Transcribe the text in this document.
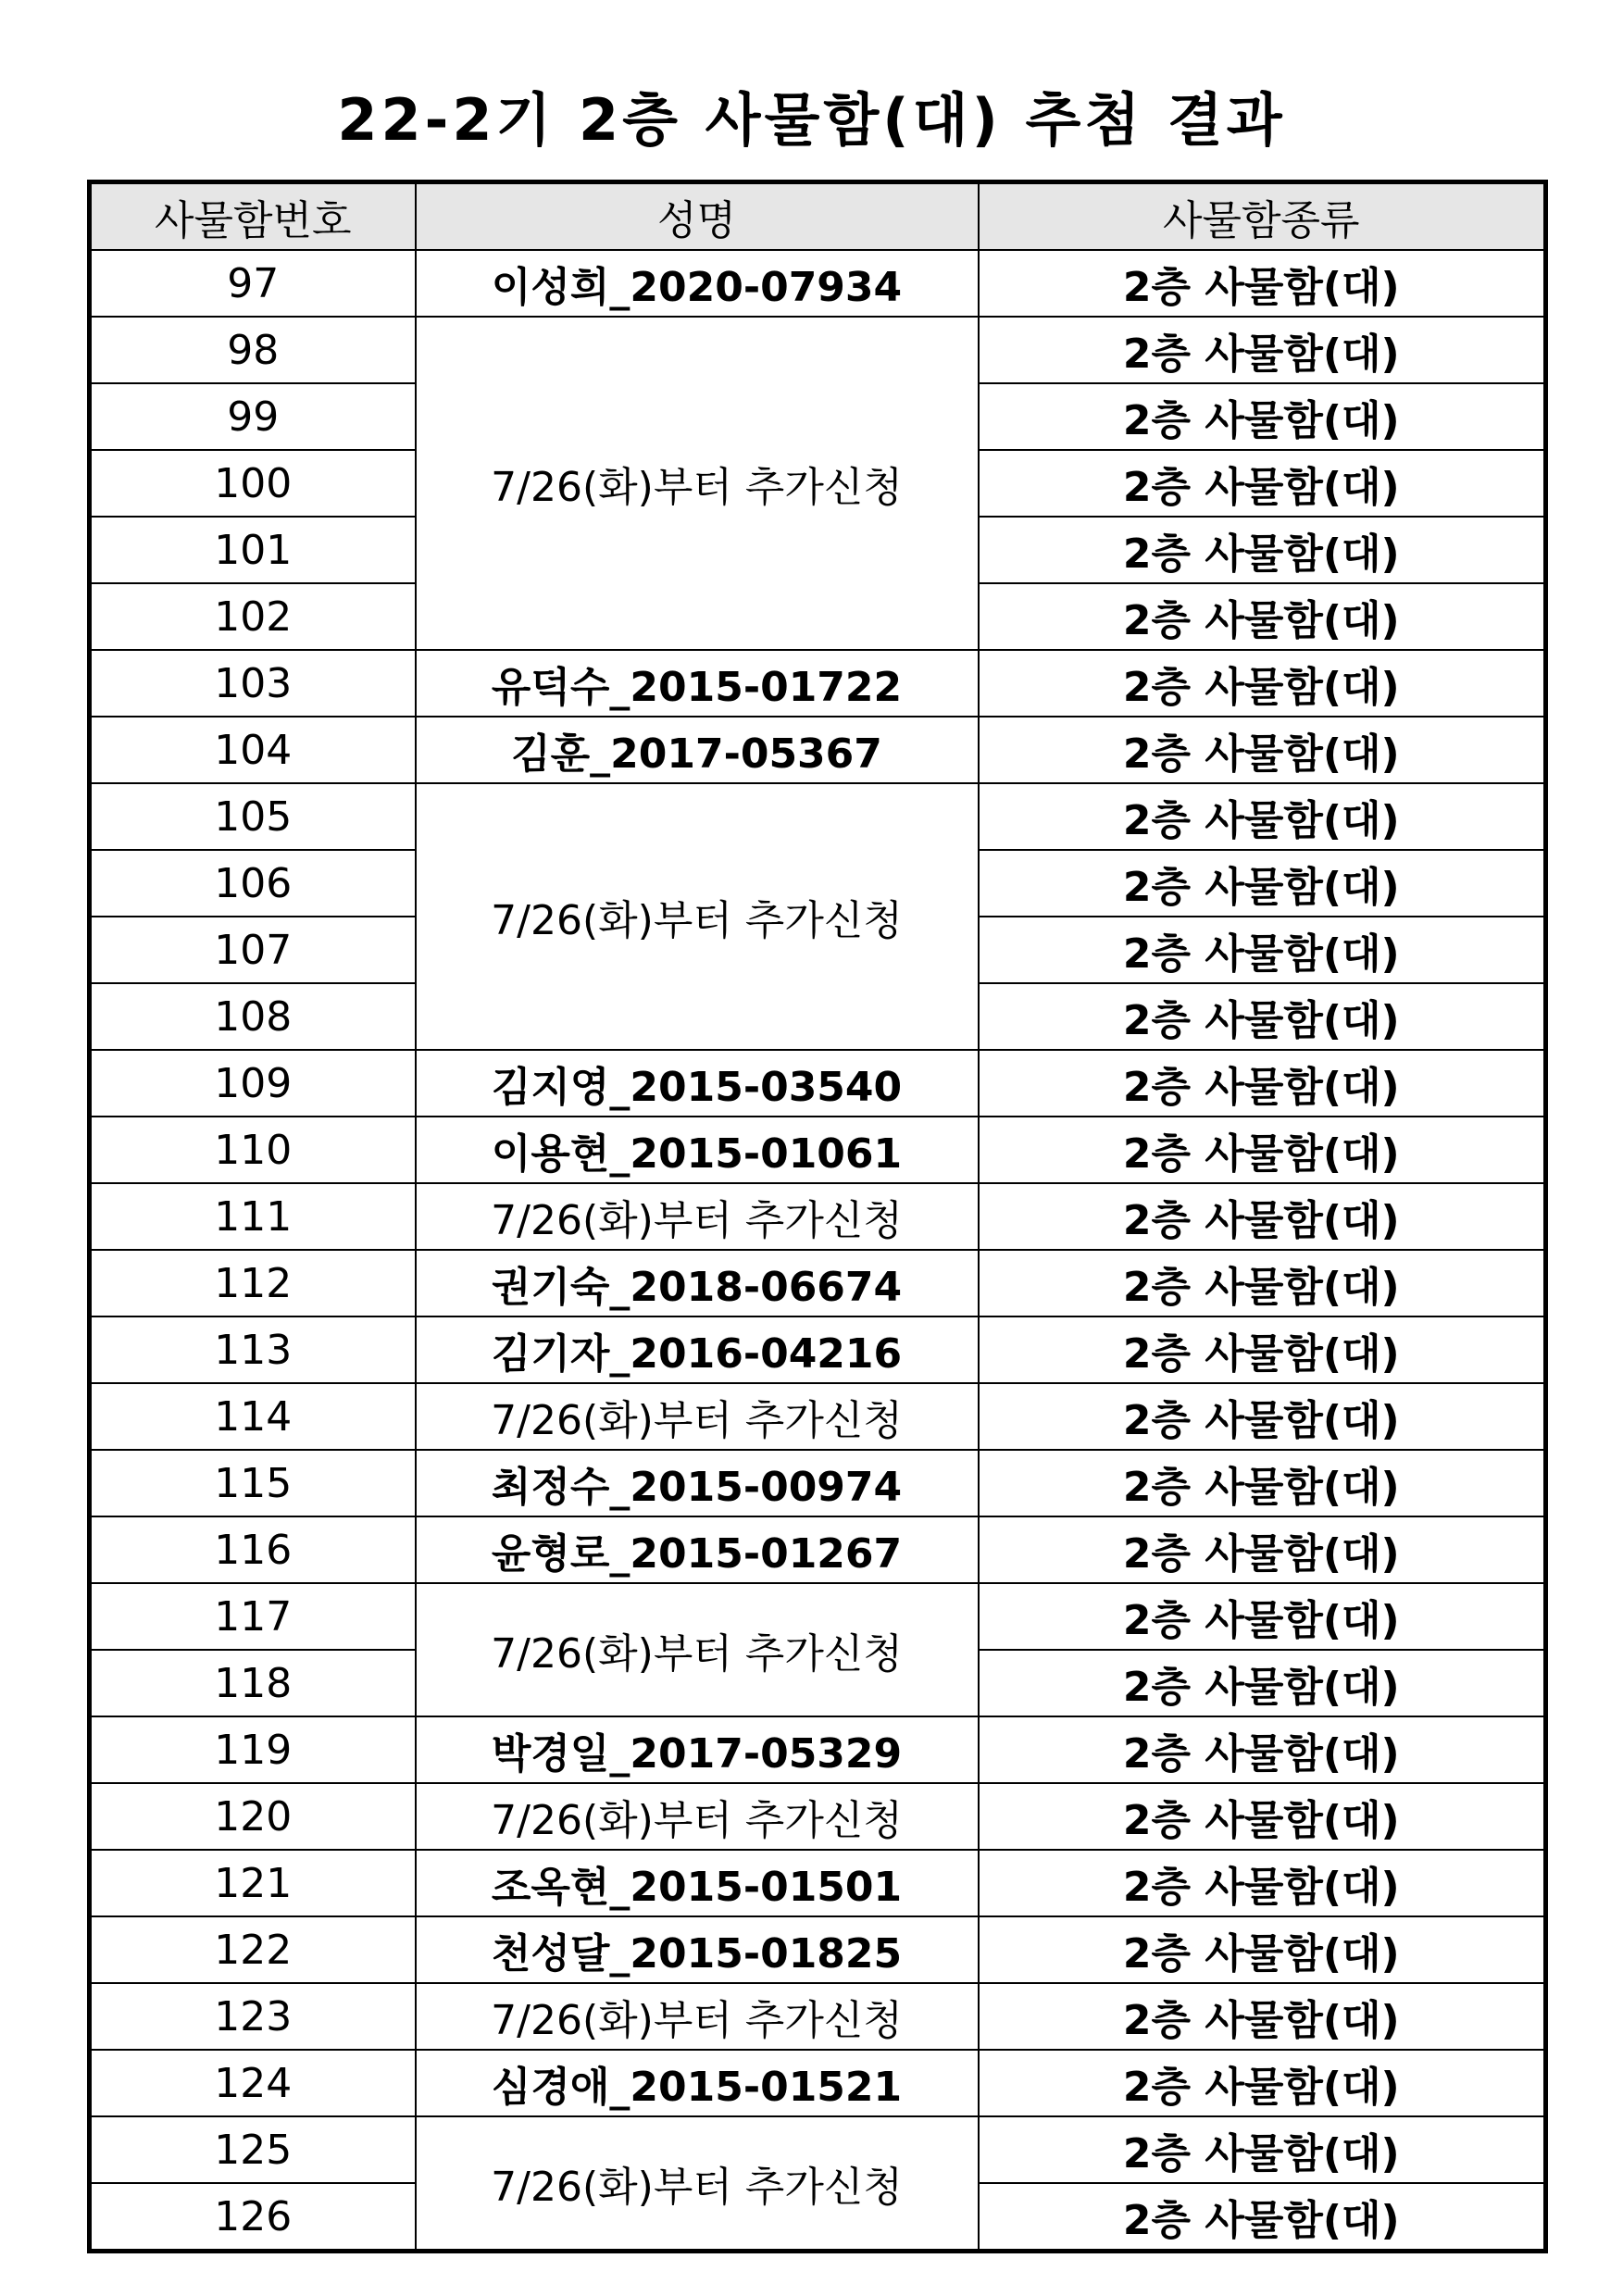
22-2기 2층 사물함(대) 추첨 결과
사물함번호	성명	사물함종류
97	이성희_2020-07934	2층 사물함(대)
98	7/26(화)부터 추가신청	2층 사물함(대)
99		2층 사물함(대)
100		2층 사물함(대)
101		2층 사물함(대)
102		2층 사물함(대)
103	유덕수_2015-01722	2층 사물함(대)
104	김훈_2017-05367	2층 사물함(대)
105	7/26(화)부터 추가신청	2층 사물함(대)
106		2층 사물함(대)
107		2층 사물함(대)
108		2층 사물함(대)
109	김지영_2015-03540	2층 사물함(대)
110	이용현_2015-01061	2층 사물함(대)
111	7/26(화)부터 추가신청	2층 사물함(대)
112	권기숙_2018-06674	2층 사물함(대)
113	김기자_2016-04216	2층 사물함(대)
114	7/26(화)부터 추가신청	2층 사물함(대)
115	최정수_2015-00974	2층 사물함(대)
116	윤형로_2015-01267	2층 사물함(대)
117	7/26(화)부터 추가신청	2층 사물함(대)
118		2층 사물함(대)
119	박경일_2017-05329	2층 사물함(대)
120	7/26(화)부터 추가신청	2층 사물함(대)
121	조옥현_2015-01501	2층 사물함(대)
122	천성달_2015-01825	2층 사물함(대)
123	7/26(화)부터 추가신청	2층 사물함(대)
124	심경애_2015-01521	2층 사물함(대)
125	7/26(화)부터 추가신청	2층 사물함(대)
126		2층 사물함(대)
